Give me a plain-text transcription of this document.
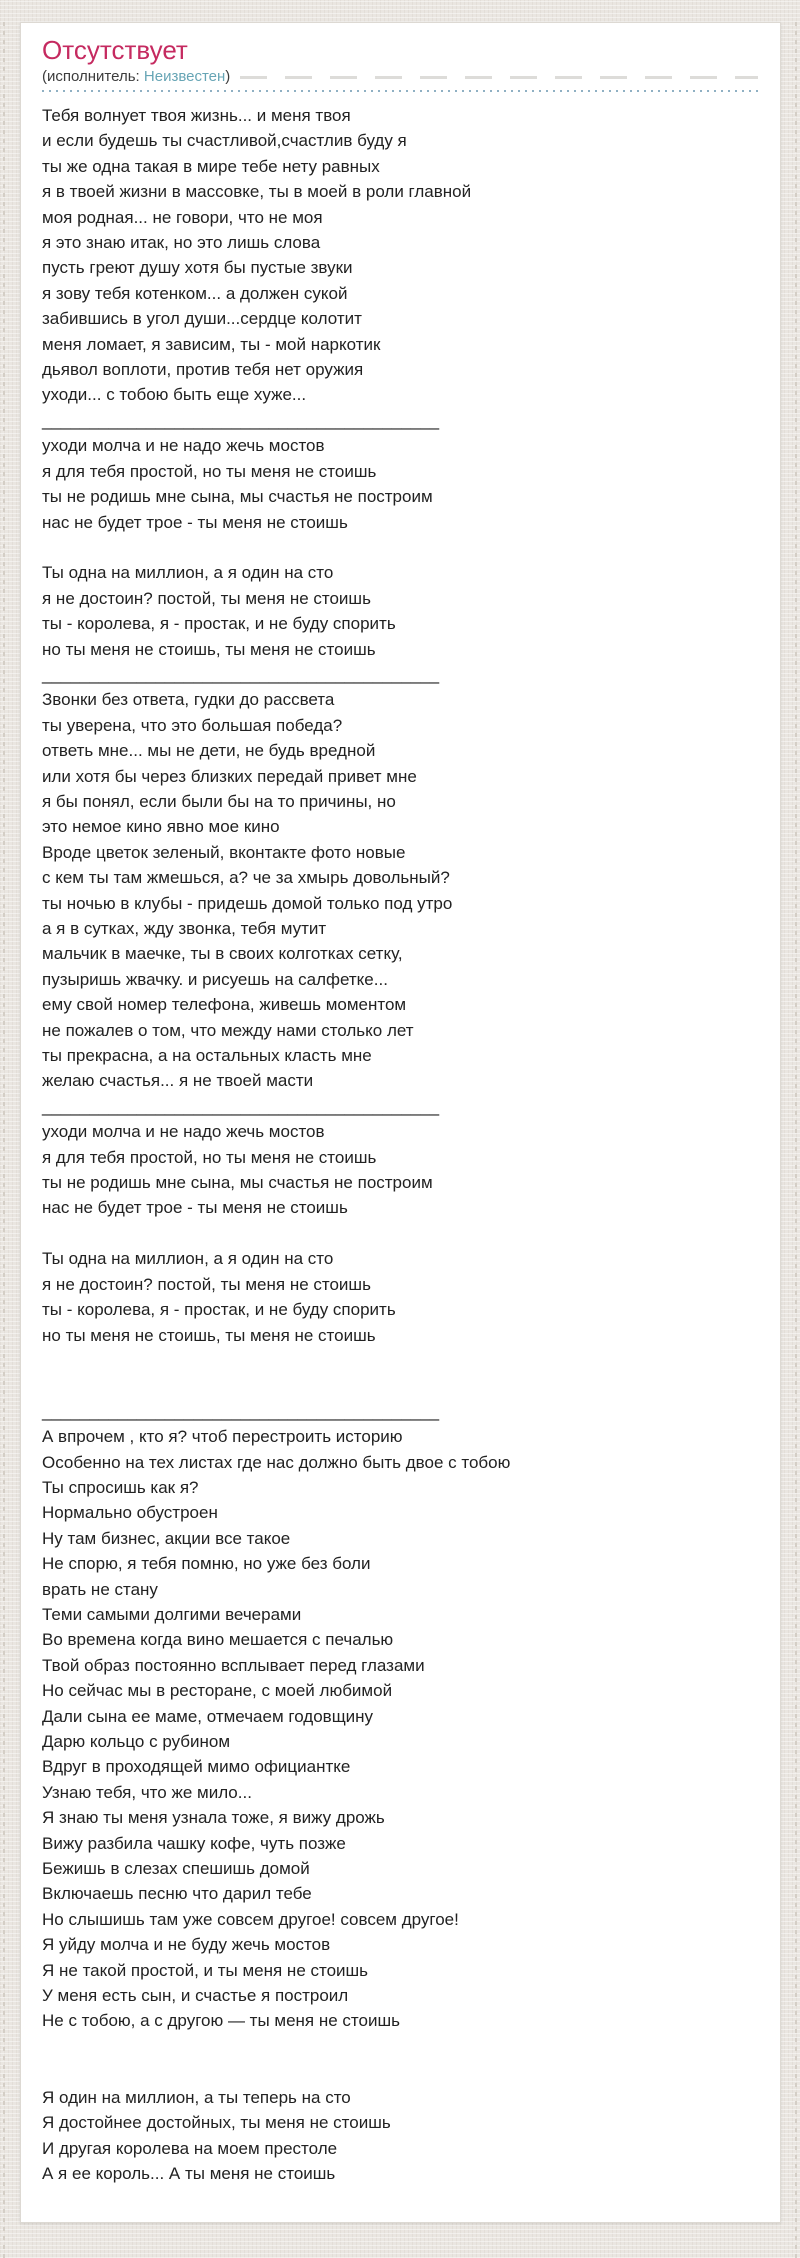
Отсутствует
(исполнитель:
Неизвестен )
Тебя волнует твоя жизнь... и меня твоя
и если будешь ты счастливой,счастлив буду я
ты же одна такая в мире тебе нету равных
я в твоей жизни в массовке, ты в моей в роли главной
моя родная... не говори, что не моя
я это знаю итак, но это лишь слова
пусть греют душу хотя бы пустые звуки
я зову тебя котенком... а должен сукой
забившись в угол души...сердце колотит
меня ломает, я зависим, ты - мой наркотик
дьявол воплоти, против тебя нет оружия
уходи... с тобою быть еще хуже...
__________________________________________
уходи молча и не надо жечь мостов
я для тебя простой, но ты меня не стоишь
ты не родишь мне сына, мы счастья не построим
нас не будет трое - ты меня не стоишь

Ты одна на миллион, а я один на сто
я не достоин? постой, ты меня не стоишь
ты - королева, я - простак, и не буду спорить
но ты меня не стоишь, ты меня не стоишь
__________________________________________
Звонки без ответа, гудки до рассвета
ты уверена, что это большая победа?
ответь мне... мы не дети, не будь вредной
или хотя бы через близких передай привет мне
я бы понял, если были бы на то причины, но
это немое кино явно мое кино
Вроде цветок зеленый, вконтакте фото новые
с кем ты там жмешься, а? че за хмырь довольный?
ты ночью в клубы - придешь домой только под утро
а я в сутках, жду звонка, тебя мутит
мальчик в маечке, ты в своих колготках сетку,
пузыришь жвачку. и рисуешь на салфетке...
ему свой номер телефона, живешь моментом
не пожалев о том, что между нами столько лет
ты прекрасна, а на остальных класть мне
желаю счастья... я не твоей масти
__________________________________________
уходи молча и не надо жечь мостов
я для тебя простой, но ты меня не стоишь
ты не родишь мне сына, мы счастья не построим
нас не будет трое - ты меня не стоишь

Ты одна на миллион, а я один на сто
я не достоин? постой, ты меня не стоишь
ты - королева, я - простак, и не буду спорить
но ты меня не стоишь, ты меня не стоишь

__________________________________________
А впрочем , кто я? чтоб перестроить историю
Особенно на тех листах где нас должно быть двое с тобою
Ты спросишь как я?
Нормально обустроен
Ну там бизнес, акции все такое
Не спорю, я тебя помню, но уже без боли
врать не стану
Теми самыми долгими вечерами
Во времена когда вино мешается с печалью
Твой образ постоянно всплывает перед глазами
Но сейчас мы в ресторане, с моей любимой
Дали сына ее маме, отмечаем годовщину
Дарю кольцо с рубином
Вдруг в проходящей мимо официантке
Узнаю тебя, что же мило...
Я знаю ты меня узнала тоже, я вижу дрожь
Вижу разбила чашку кофе, чуть позже
Бежишь в слезах спешишь домой
Включаешь песню что дарил тебе
Но слышишь там уже совсем другое! совсем другое!
Я уйду молча и не буду жечь мостов
Я не такой простой, и ты меня не стоишь
У меня есть сын, и счастье я построил
Не с тобою, а с другою — ты меня не стоишь

Я один на миллион, а ты теперь на сто
Я достойнее достойных, ты меня не стоишь
И другая королева на моем престоле
А я ее король... А ты меня не стоишь
